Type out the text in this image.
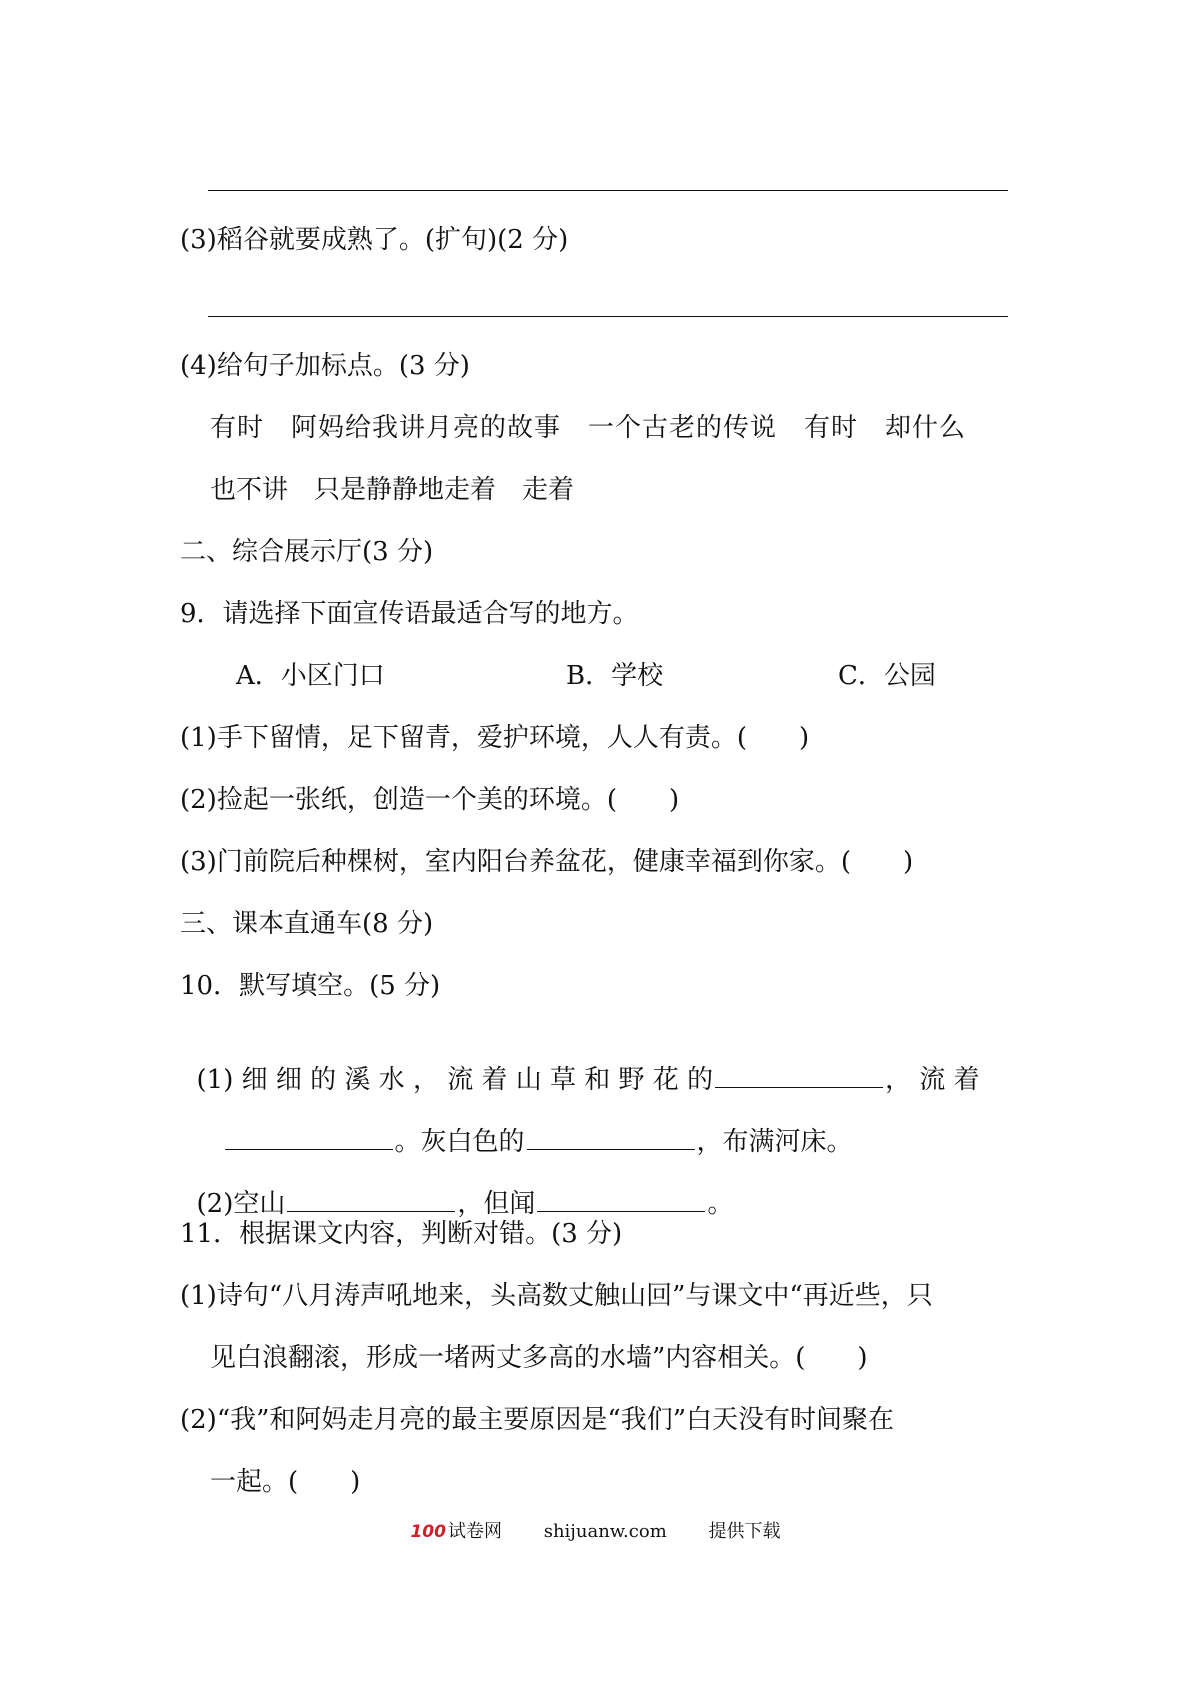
(3)稻谷就要成熟了。(扩句)(2 分)
(4)给句子加标点。(3 分)
有时　阿妈给我讲月亮的故事　一个古老的传说　有时　却什么
也不讲　只是静静地走着　走着
二、综合展示厅(3 分)
9．请选择下面宣传语最适合写的地方。
A．小区门口	B．学校	C．公园
(1)手下留情，足下留青，爱护环境，人人有责。(　　)
(2)捡起一张纸，创造一个美的环境。(　　)
(3)门前院后种棵树，室内阳台养盆花，健康幸福到你家。(　　)
三、课本直通车(8 分)
10．默写填空。(5 分)

(1) 细 细 的 溪 水 ， 流 着 山 草 和 野 花 的	， 流 着

。灰白色的	，布满河床。

(2)空山	，但闻	。

11．根据课文内容，判断对错。(3 分)
(1)诗句“八月涛声吼地来，头高数丈触山回”与课文中“再近些，只
见白浪翻滚，形成一堵两丈多高的水墙”内容相关。(　　)
(2)“我”和阿妈走月亮的最主要原因是“我们”白天没有时间聚在
一起。(　　)
100 试卷网 shijuanw.com 提供下载
